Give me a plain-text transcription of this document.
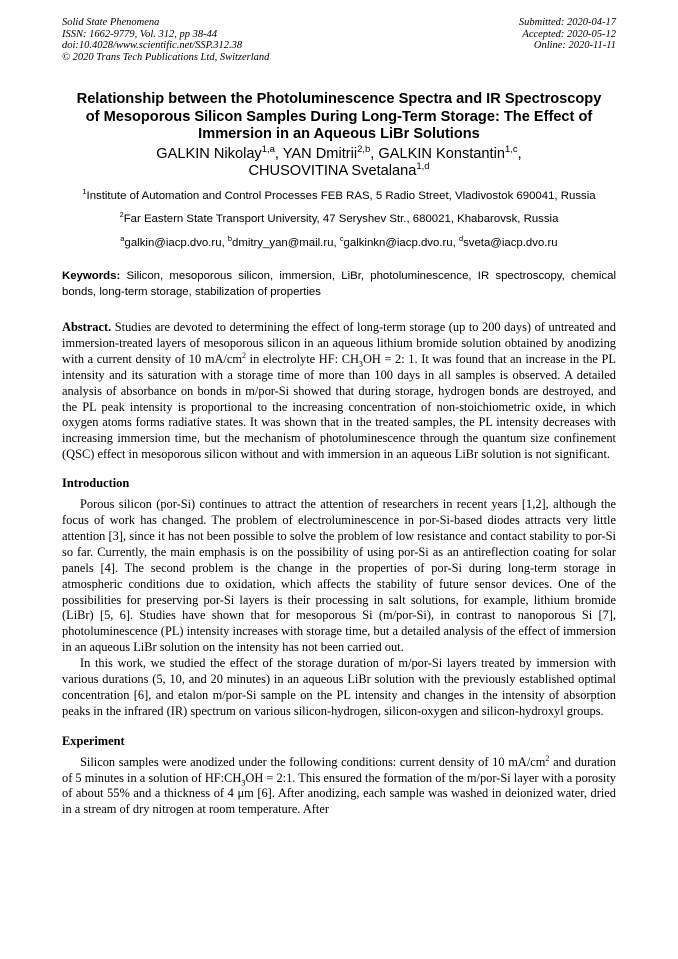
Solid State Phenomena
ISSN: 1662-9779, Vol. 312, pp 38-44
doi:10.4028/www.scientific.net/SSP.312.38
© 2020 Trans Tech Publications Ltd, Switzerland
Submitted: 2020-04-17
Accepted: 2020-05-12
Online: 2020-11-11
Relationship between the Photoluminescence Spectra and IR Spectroscopy of Mesoporous Silicon Samples During Long-Term Storage: The Effect of Immersion in an Aqueous LiBr Solutions
GALKIN Nikolay$^{1,a}$, YAN Dmitrii$^{2,b}$, GALKIN Konstantin$^{1,c}$,
CHUSOVITINA Svetalana$^{1,d}$
$^1$Institute of Automation and Control Processes FEB RAS, 5 Radio Street, Vladivostok 690041, Russia
$^2$Far Eastern State Transport University, 47 Seryshev Str., 680021, Khabarovsk, Russia
$^a$galkin@iacp.dvo.ru, $^b$dmitry_yan@mail.ru, $^c$galkinkn@iacp.dvo.ru, $^d$sveta@iacp.dvo.ru
Keywords: Silicon, mesoporous silicon, immersion, LiBr, photoluminescence, IR spectroscopy, chemical bonds, long-term storage, stabilization of properties
Abstract. Studies are devoted to determining the effect of long-term storage (up to 200 days) of untreated and immersion-treated layers of mesoporous silicon in an aqueous lithium bromide solution obtained by anodizing with a current density of 10 $mA/cm^2$ in electrolyte HF: $CH_3OH = 2$: 1. It was found that an increase in the PL intensity and its saturation with a storage time of more than 100 days in all samples is observed. A detailed analysis of absorbance on bonds in m/por-Si showed that during storage, hydrogen bonds are destroyed, and the PL peak intensity is proportional to the increasing concentration of non-stoichiometric oxide, in which oxygen atoms forms radiative states. It was shown that in the treated samples, the PL intensity decreases with increasing immersion time, but the mechanism of photoluminescence through the quantum size confinement (QSC) effect in mesoporous silicon without and with immersion in an aqueous LiBr solution is not significant.
Introduction

Porous silicon (por-Si) continues to attract the attention of researchers in recent years [1,2], although the focus of work has changed. The problem of electroluminescence in por-Si-based diodes attracts very little attention [3], since it has not been possible to solve the problem of low resistance and contact stability to por-Si so far. Currently, the main emphasis is on the possibility of using por-Si as an antireflection coating for solar panels [4]. The second problem is the change in the properties of por-Si during long-term storage in atmospheric conditions due to oxidation, which affects the stability of future sensor devices. One of the possibilities for preserving por-Si layers is their processing in salt solutions, for example, lithium bromide (LiBr) [5, 6]. Studies have shown that for mesoporous Si (m/por-Si), in contrast to nanoporous Si [7], photoluminescence (PL) intensity increases with storage time, but a detailed analysis of the effect of immersion in an aqueous LiBr solution on the intensity has not been carried out.

In this work, we studied the effect of the storage duration of m/por-Si layers treated by immersion with various durations (5, 10, and 20 minutes) in an aqueous LiBr solution with the previously established optimal concentration [6], and etalon m/por-Si sample on the PL intensity and changes in the intensity of absorption peaks in the infrared (IR) spectrum on various silicon-hydrogen, silicon-oxygen and silicon-hydroxyl groups.

Experiment

Silicon samples were anodized under the following conditions: current density of 10 $mA/cm^2$ and duration of 5 minutes in a solution of $HF:CH_3OH$ = 2:1. This ensured the formation of the m/por-Si layer with a porosity of about 55% and a thickness of 4 μm [6]. After anodizing, each sample was washed in deionized water, dried in a stream of dry nitrogen at room temperature. After
